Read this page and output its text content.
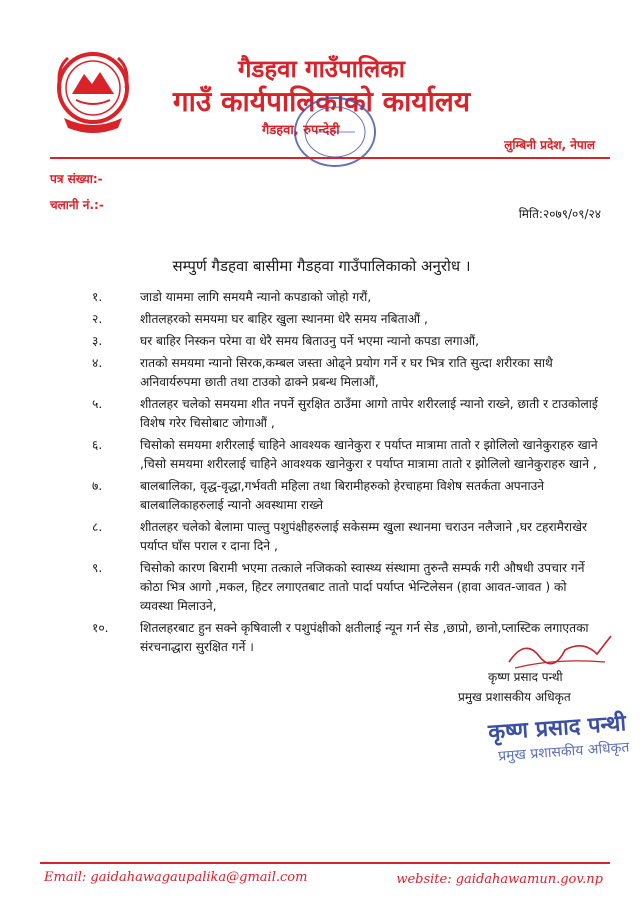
गैडहवा गाउँपालिका
गाउँ कार्यपालिकाको कार्यालय
गैडहवा, रुपन्देही
लुम्बिनी प्रदेश, नेपाल
पत्र संख्या:-
चलानी नं.:-
मिति:२०७९/०९/२४
सम्पुर्ण गैडहवा बासीमा गैडहवा गाउँपालिकाको अनुरोध ।
१.	जाडो याममा लागि समयमै न्यानो कपडाको जोहो गरौं,
२.	शीतलहरको समयमा घर बाहिर खुला स्थानमा धेरै समय नबिताऔं ,
३.	घर बाहिर निस्कन परेमा वा धेरै समय बिताउनु पर्ने भएमा न्यानो कपडा लगाऔं,
४.	रातको समयमा न्यानो सिरक,कम्बल जस्ता ओढ्ने प्रयोग गर्ने र घर भित्र राति सुत्दा शरीरका साथै अनिवार्यरुपमा छाती तथा टाउको ढाक्ने प्रबन्ध मिलाऔं,
५.	शीतलहर चलेको समयमा शीत नपर्ने सुरक्षित ठाउँमा आगो तापेर शरीरलाई न्यानो राख्ने, छाती र टाउकोलाई विशेष गरेर चिसोबाट जोगाऔं ,
६.	चिसोको समयमा शरीरलाई चाहिने आवश्यक खानेकुरा र पर्याप्त मात्रामा तातो र झोलिलो खानेकुराहरु खाने ,चिसो समयमा शरीरलाई चाहिने आवश्यक खानेकुरा र पर्याप्त मात्रामा तातो र झोलिलो खानेकुराहरु खाने ,
७.	बालबालिका, वृद्ध-वृद्धा,गर्भवती महिला तथा बिरामीहरुको हेरचाहमा विशेष सतर्कता अपनाउने बालबालिकाहरुलाई न्यानो अवस्थामा राख्ने
८.	शीतलहर चलेको बेलामा पाल्तु पशुपंक्षीहरुलाई सकेसम्म खुला स्थानमा चराउन नलैजाने ,घर टहरामैराखेर पर्याप्त घाँस पराल र दाना दिने ,
९.	चिसोको कारण बिरामी भएमा तत्काले नजिकको स्वास्थ्य संस्थामा तुरुन्तै सम्पर्क गरी औषधी उपचार गर्ने कोठा भित्र आगो ,मकल, हिटर लगाएतबाट तातो पार्दा पर्याप्त भेन्टिलेसन (हावा आवत-जावत ) को व्यवस्था मिलाउने,
१०.	शितलहरबाट हुन सक्ने कृषिवाली र पशुपंक्षीको क्षतीलाई न्यून गर्न सेड ,छाप्रो, छानो,प्लास्टिक लगाएतका संरचनाद्धारा सुरक्षित गर्ने ।
कृष्ण प्रसाद पन्थी
प्रमुख प्रशासकीय अधिकृत
कृष्ण प्रसाद पन्थी
प्रमुख प्रशासकीय अधिकृत
Email: gaidahawagaupalika@gmail.com	website: gaidahawamun.gov.np
